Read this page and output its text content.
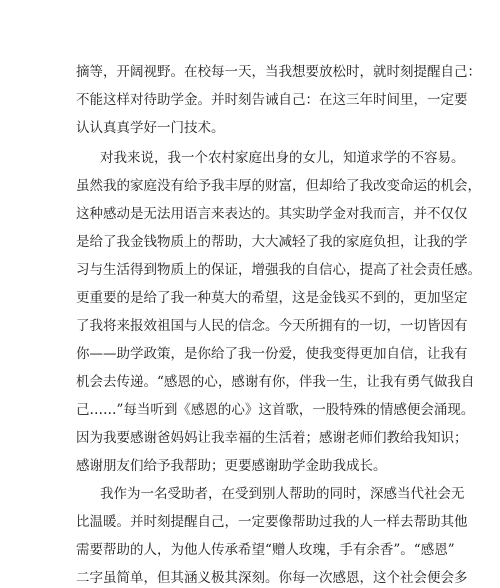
摘等，开阔视野。在校每一天，当我想要放松时，就时刻提醒自己：
不能这样对待助学金。并时刻告诫自己：在这三年时间里，一定要
认认真真学好一门技术。
对我来说，我一个农村家庭出身的女儿，知道求学的不容易。
虽然我的家庭没有给予我丰厚的财富，但却给了我改变命运的机会，
这种感动是无法用语言来表达的。其实助学金对我而言，并不仅仅
是给了我金钱物质上的帮助，大大减轻了我的家庭负担，让我的学
习与生活得到物质上的保证，增强我的自信心，提高了社会责任感。
更重要的是给了我一种莫大的希望，这是金钱买不到的，更加坚定
了我将来报效祖国与人民的信念。今天所拥有的一切，一切皆因有
你——助学政策，是你给了我一份爱，使我变得更加自信，让我有
机会去传递。“感恩的心，感谢有你，伴我一生，让我有勇气做我自
己……”每当听到《感恩的心》这首歌，一股特殊的情感便会涌现。
因为我要感谢爸妈妈让我幸福的生活着；感谢老师们教给我知识；
感谢朋友们给予我帮助；更要感谢助学金助我成长。
我作为一名受助者，在受到别人帮助的同时，深感当代社会无
比温暖。并时刻提醒自己，一定要像帮助过我的人一样去帮助其他
需要帮助的人，为他人传承希望“赠人玫瑰，手有余香”。“感恩”
二字虽简单，但其涵义极其深刻。你每一次感恩，这个社会便会多
